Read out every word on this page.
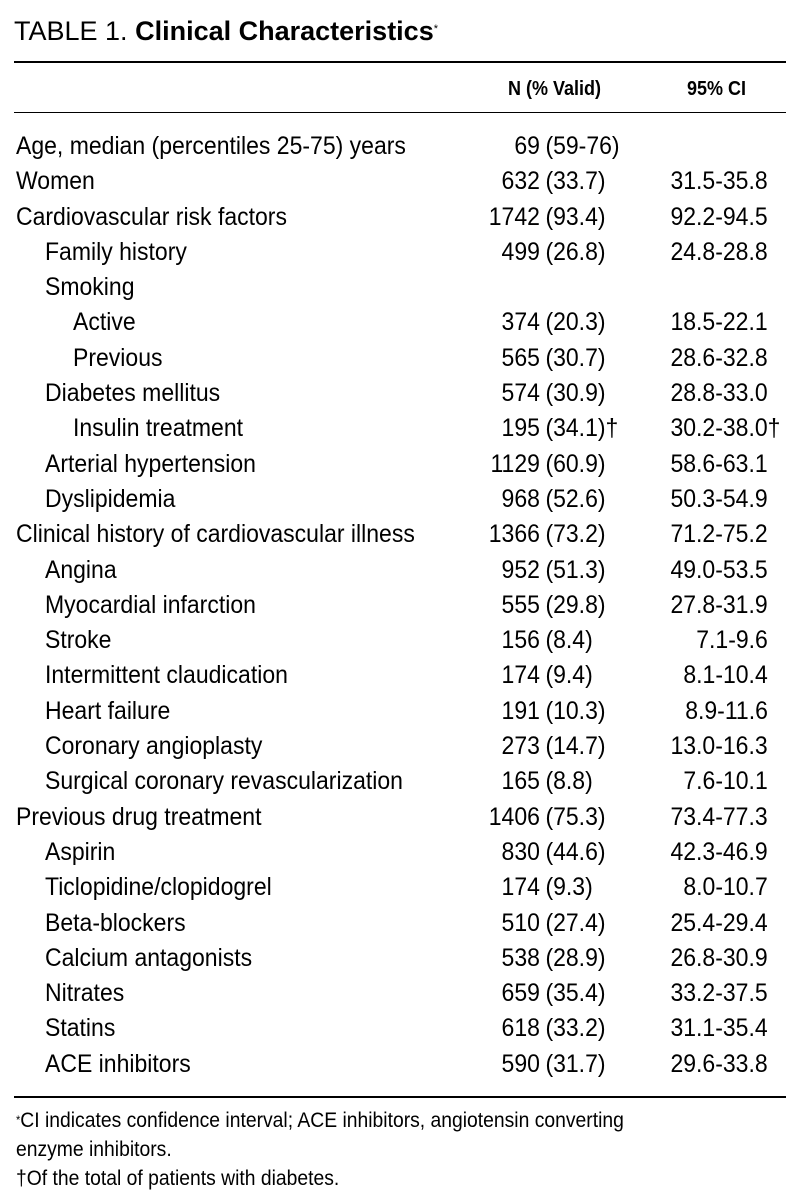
TABLE 1. Clinical Characteristics*
N (% Valid)	95% CI
Age, median (percentiles 25-75) years	69 (59-76)
Women	632 (33.7)	31.5-35.8
Cardiovascular risk factors	1742 (93.4)	92.2-94.5
Family history	499 (26.8)	24.8-28.8
Smoking
Active	374 (20.3)	18.5-22.1
Previous	565 (30.7)	28.6-32.8
Diabetes mellitus	574 (30.9)	28.8-33.0
Insulin treatment	195 (34.1)†	30.2-38.0 †
Arterial hypertension	1129 (60.9)	58.6-63.1
Dyslipidemia	968 (52.6)	50.3-54.9
Clinical history of cardiovascular illness	1366 (73.2)	71.2-75.2
Angina	952 (51.3)	49.0-53.5
Myocardial infarction	555 (29.8)	27.8-31.9
Stroke	156 (8.4)	7.1-9.6
Intermittent claudication	174 (9.4)	8.1-10.4
Heart failure	191 (10.3)	8.9-11.6
Coronary angioplasty	273 (14.7)	13.0-16.3
Surgical coronary revascularization	165 (8.8)	7.6-10.1
Previous drug treatment	1406 (75.3)	73.4-77.3
Aspirin	830 (44.6)	42.3-46.9
Ticlopidine/clopidogrel	174 (9.3)	8.0-10.7
Beta-blockers	510 (27.4)	25.4-29.4
Calcium antagonists	538 (28.9)	26.8-30.9
Nitrates	659 (35.4)	33.2-37.5
Statins	618 (33.2)	31.1-35.4
ACE inhibitors	590 (31.7)	29.6-33.8
*CI indicates confidence interval; ACE inhibitors, angiotensin converting
enzyme inhibitors.
†Of the total of patients with diabetes.
